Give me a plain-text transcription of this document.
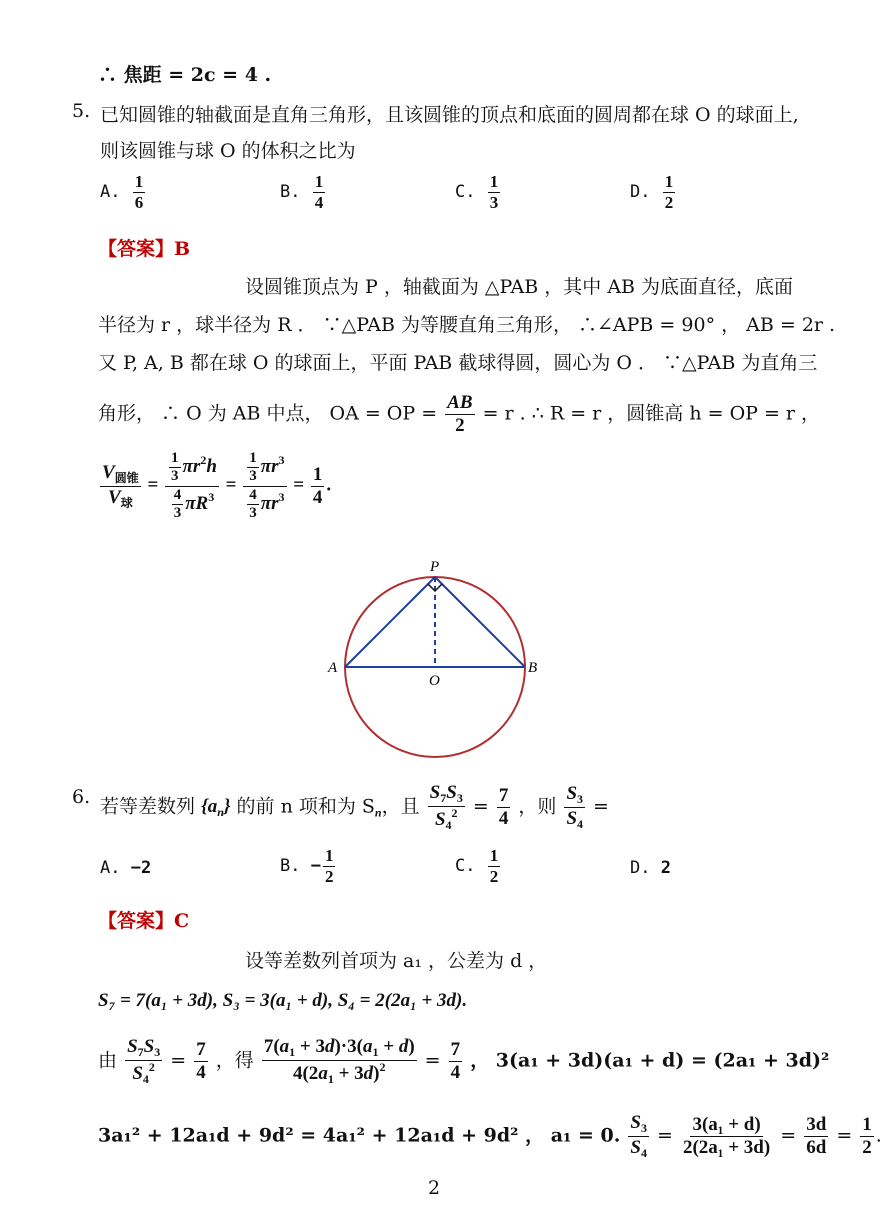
∴ 焦距 = 2c = 4 .
5. 已知圆锥的轴截面是直角三角形，且该圆锥的顶点和底面的圆周都在球 O 的球面上,
则该圆锥与球 O 的体积之比为
A. $\frac{1}{6}$	B. $\frac{1}{4}$	C. $\frac{1}{3}$	D. $\frac{1}{2}$
【答案】B
设圆锥顶点为 P ，轴截面为 △PAB ，其中 AB 为底面直径，底面
半径为 r ，球半径为 R ． ∵△PAB 为等腰直角三角形， ∴∠APB = 90° ， AB = 2r .
又 P, A, B 都在球 O 的球面上，平面 PAB 截球得圆，圆心为 O ． ∵△PAB 为直角三
角形， ∴ O 为 AB 中点， OA = OP = $\frac{AB}{2} = r$ . ∴ R = r ，圆锥高 h = OP = r ，
$\frac{V_{圆锥}}{V_球} = \frac{\frac{1}{3} \pi r^2h}{\frac{4}{3} \pi R^3} = \frac{\frac{1}{3} \pi r^3}{\frac{4}{3} \pi r^3} = \frac{1}{4}$ .
P
A	B
O
6. 若等差数列 $\{a_n\}$ 的前 n 项和为 $S_n$，且 $\frac{S_7S_3}{S_4^2} = \frac{7}{4}$ ，则 $\frac{S_3}{S_4}$ =
A. −2	B. − $\frac{1}{2}$	C. $\frac{1}{2}$	D. 2
【答案】C
设等差数列首项为 a₁ ，公差为 d ，
S₇ = 7(a₁ + 3d), S₃ = 3(a₁ + d), S₄ = 2(2a₁ + 3d).
由 $\frac{S_7S_3}{S_4^2} = \frac{7}{4}$ ，得 $\frac{7(a_1 + 3d)\cdot 3(a_1 + d)}{4(2a_1 + 3d)^2} = \frac{7}{4}$ ， 3(a₁ + 3d)(a₁ + d) = (2a₁ + 3d)²
3a₁² + 12a₁d + 9d² = 4a₁² + 12a₁d + 9d² ， a₁ = 0. $\frac{S_3}{S_4} = \frac{\text{3(a₁ + d)}}{\text{2(2a₁ + 3d)}} = \frac{3d}{6d} = \frac{1}{2}$ .
2
